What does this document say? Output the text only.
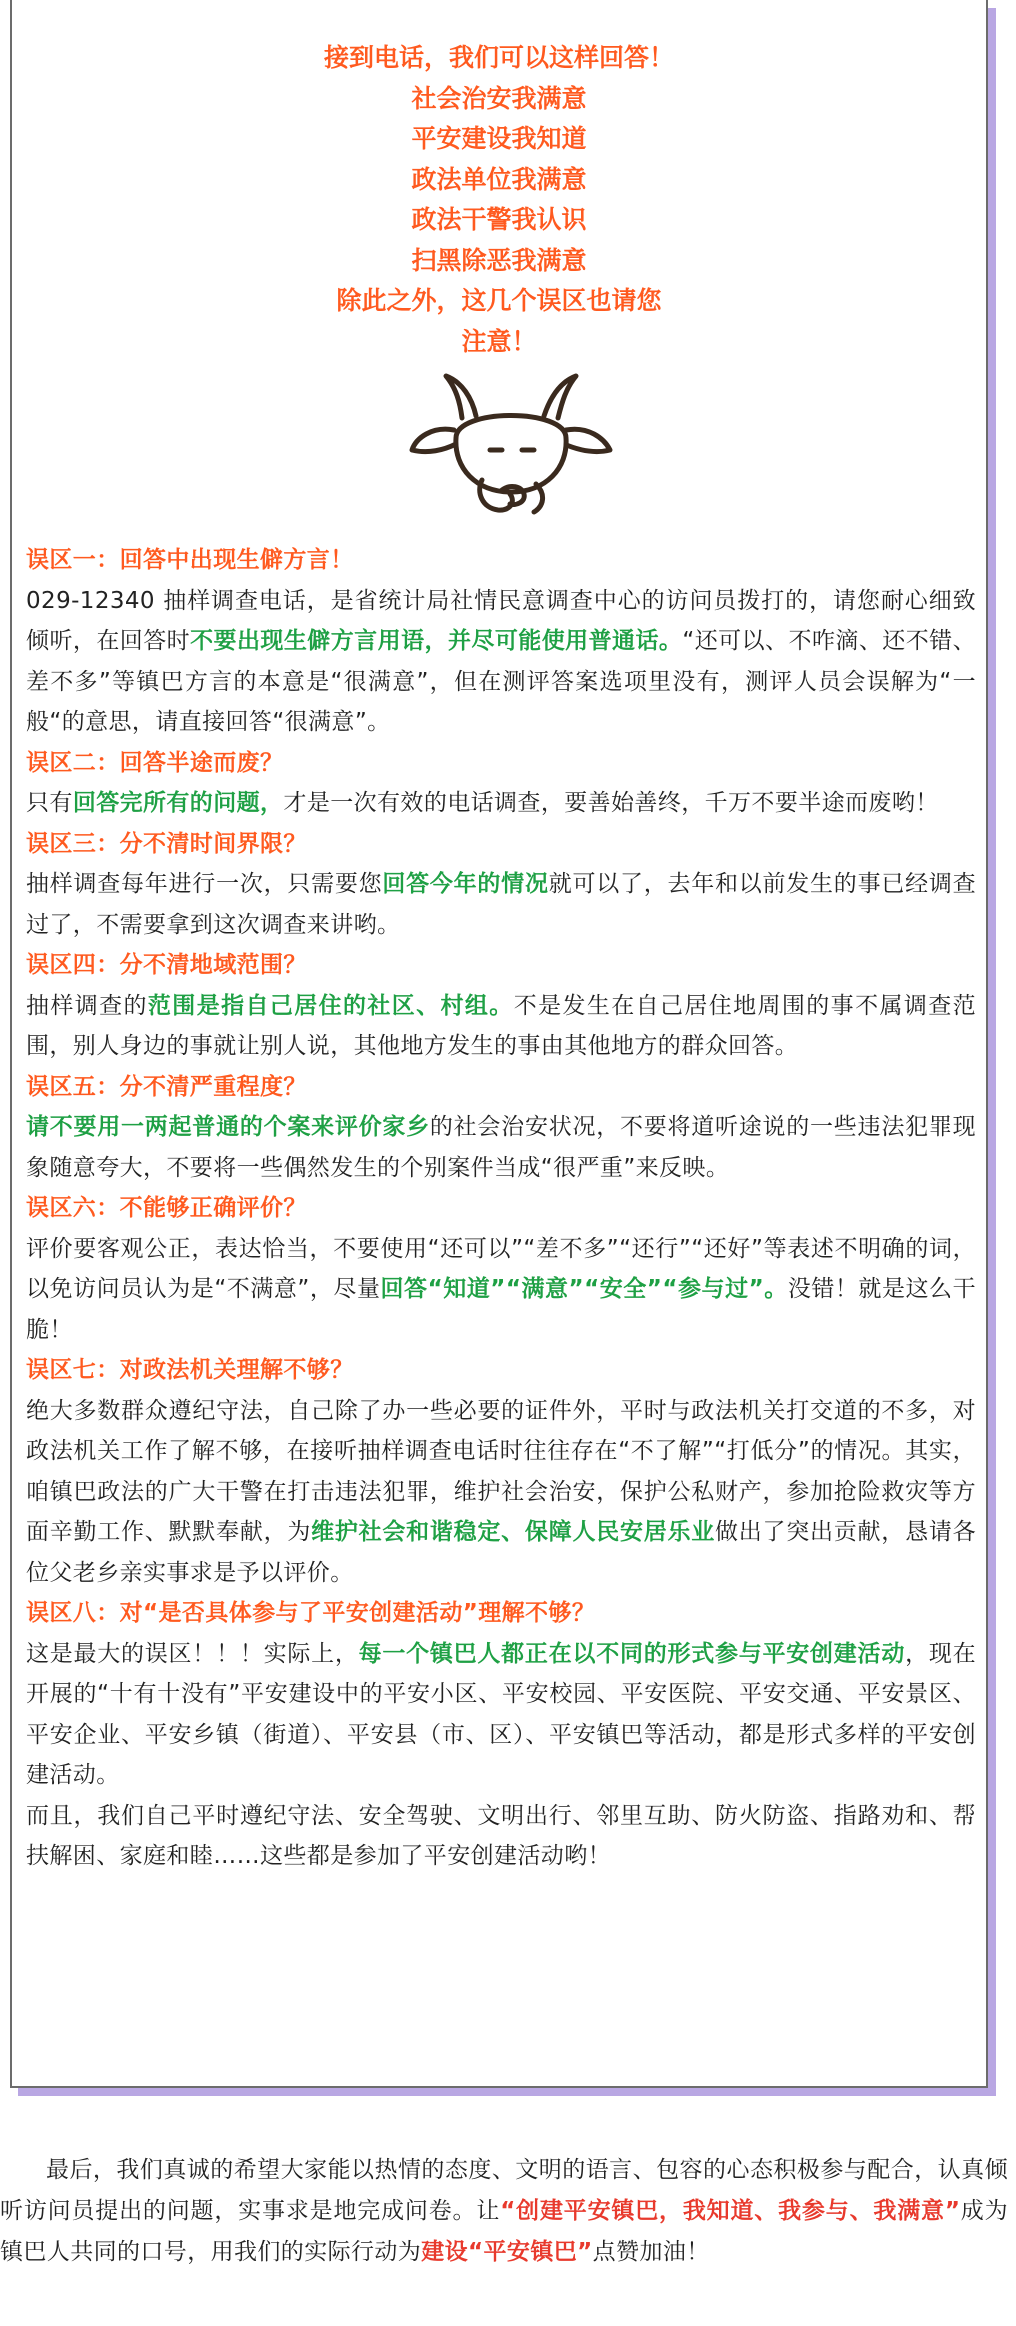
接到电话，我们可以这样回答！
社会治安我满意
平安建设我知道
政法单位我满意
政法干警我认识
扫黑除恶我满意
除此之外，这几个误区也请您
注意！

误区一：回答中出现生僻方言！

029-12340 抽样调查电话，是省统计局社情民意调查中心的访问员拨打的，请您耐心细致倾听，在回答时不要出现生僻方言用语，并尽可能使用普通话。“还可以、不咋滴、还不错、差不多”等镇巴方言的本意是“很满意”，但在测评答案选项里没有，测评人员会误解为“一般“的意思，请直接回答“很满意”。

误区二：回答半途而废？

只有回答完所有的问题，才是一次有效的电话调查，要善始善终，千万不要半途而废哟！

误区三：分不清时间界限？

抽样调查每年进行一次，只需要您回答今年的情况就可以了，去年和以前发生的事已经调查过了，不需要拿到这次调查来讲哟。

误区四：分不清地域范围？

抽样调查的范围是指自己居住的社区、村组。不是发生在自己居住地周围的事不属调查范围，别人身边的事就让别人说，其他地方发生的事由其他地方的群众回答。

误区五：分不清严重程度？

请不要用一两起普通的个案来评价家乡的社会治安状况，不要将道听途说的一些违法犯罪现象随意夸大，不要将一些偶然发生的个别案件当成“很严重”来反映。

误区六：不能够正确评价？

评价要客观公正，表达恰当，不要使用“还可以”“差不多”“还行”“还好”等表述不明确的词，以免访问员认为是“不满意”，尽量回答“知道”“满意”“安全”“参与过”。没错！就是这么干脆！

误区七：对政法机关理解不够？

绝大多数群众遵纪守法，自己除了办一些必要的证件外，平时与政法机关打交道的不多，对政法机关工作了解不够，在接听抽样调查电话时往往存在“不了解”“打低分”的情况。其实，咱镇巴政法的广大干警在打击违法犯罪，维护社会治安，保护公私财产，参加抢险救灾等方面辛勤工作、默默奉献，为维护社会和谐稳定、保障人民安居乐业做出了突出贡献，恳请各位父老乡亲实事求是予以评价。

误区八：对“是否具体参与了平安创建活动”理解不够？

这是最大的误区！！！实际上，每一个镇巴人都正在以不同的形式参与平安创建活动，现在开展的“十有十没有”平安建设中的平安小区、平安校园、平安医院、平安交通、平安景区、平安企业、平安乡镇（街道）、平安县（市、区）、平安镇巴等活动，都是形式多样的平安创建活动。

而且，我们自己平时遵纪守法、安全驾驶、文明出行、邻里互助、防火防盗、指路劝和、帮扶解困、家庭和睦……这些都是参加了平安创建活动哟！

最后，我们真诚的希望大家能以热情的态度、文明的语言、包容的心态积极参与配合，认真倾听访问员提出的问题，实事求是地完成问卷。让“创建平安镇巴，我知道、我参与、我满意”成为镇巴人共同的口号，用我们的实际行动为建设“平安镇巴”点赞加油！
